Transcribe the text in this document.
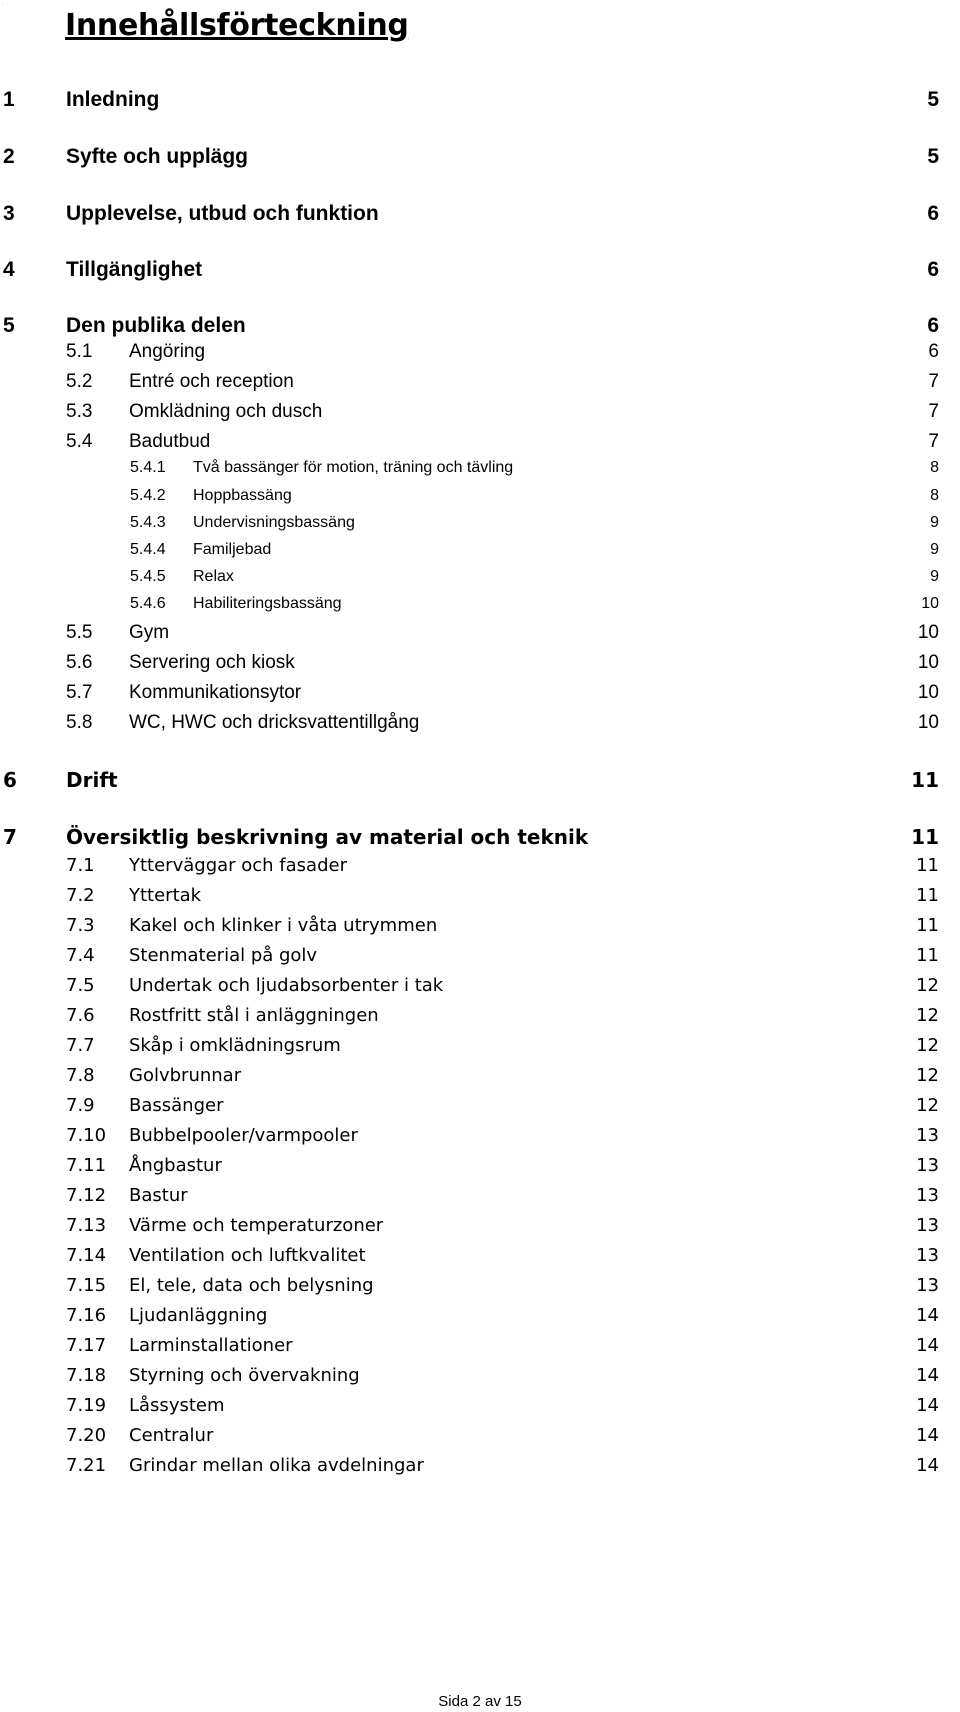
.
Innehållsförteckning
1 Inledning	5
2 Syfte och upplägg	5
3 Upplevelse, utbud och funktion	6
4 Tillgänglighet	6
5 Den publika delen	6
5.1 Angöring	6
5.2 Entré och reception	7
5.3 Omklädning och dusch	7
5.4 Badutbud	7
5.4.1 Två bassänger för motion, träning och tävling	8
5.4.2 Hoppbassäng	8
5.4.3 Undervisningsbassäng	9
5.4.4 Familjebad	9
5.4.5 Relax	9
5.4.6 Habiliteringsbassäng	10
5.5 Gym	10
5.6 Servering och kiosk	10
5.7 Kommunikationsytor	10
5.8 WC, HWC och dricksvattentillgång	10
6 Drift	11
7 Översiktlig beskrivning av material och teknik	11
7.1 Ytterväggar och fasader	11
7.2 Yttertak	11
7.3 Kakel och klinker i våta utrymmen	11
7.4 Stenmaterial på golv	11
7.5 Undertak och ljudabsorbenter i tak	12
7.6 Rostfritt stål i anläggningen	12
7.7 Skåp i omklädningsrum	12
7.8 Golvbrunnar	12
7.9 Bassänger	12
7.10 Bubbelpooler/varmpooler	13
7.11 Ångbastur	13
7.12 Bastur	13
7.13 Värme och temperaturzoner	13
7.14 Ventilation och luftkvalitet	13
7.15 El, tele, data och belysning	13
7.16 Ljudanläggning	14
7.17 Larminstallationer	14
7.18 Styrning och övervakning	14
7.19 Låssystem	14
7.20 Centralur	14
7.21 Grindar mellan olika avdelningar	14
Sida 2 av 15
